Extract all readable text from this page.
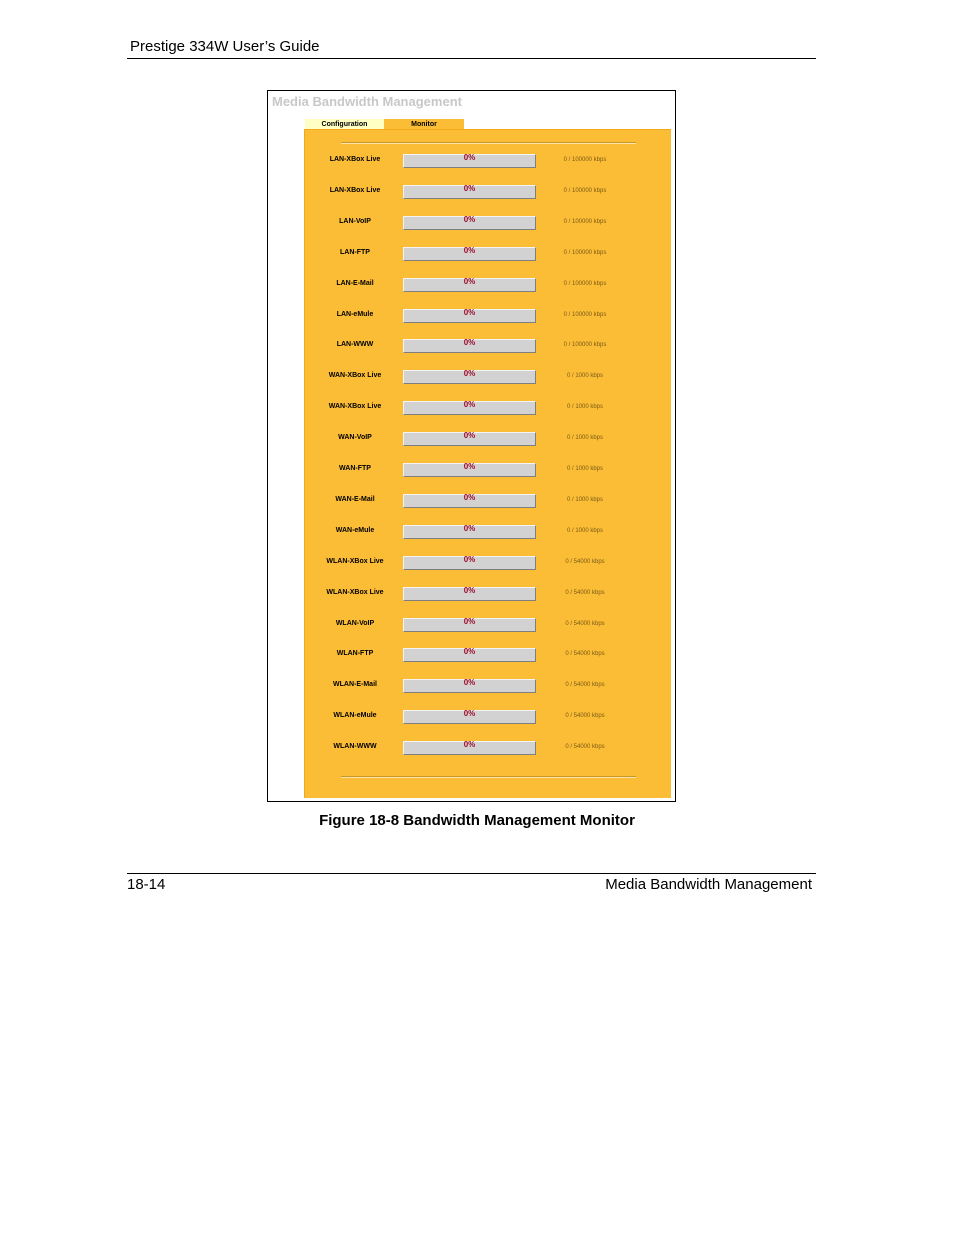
Prestige 334W User’s Guide
Media Bandwidth Management
Configuration	Monitor
LAN-XBox Live	0%	0 / 100000 kbps
LAN-XBox Live	0%	0 / 100000 kbps
LAN-VoIP	0%	0 / 100000 kbps
LAN-FTP	0%	0 / 100000 kbps
LAN-E-Mail	0%	0 / 100000 kbps
LAN-eMule	0%	0 / 100000 kbps
LAN-WWW	0%	0 / 100000 kbps
WAN-XBox Live	0%	0 / 1000 kbps
WAN-XBox Live	0%	0 / 1000 kbps
WAN-VoIP	0%	0 / 1000 kbps
WAN-FTP	0%	0 / 1000 kbps
WAN-E-Mail	0%	0 / 1000 kbps
WAN-eMule	0%	0 / 1000 kbps
WLAN-XBox Live	0%	0 / 54000 kbps
WLAN-XBox Live	0%	0 / 54000 kbps
WLAN-VoIP	0%	0 / 54000 kbps
WLAN-FTP	0%	0 / 54000 kbps
WLAN-E-Mail	0%	0 / 54000 kbps
WLAN-eMule	0%	0 / 54000 kbps
WLAN-WWW	0%	0 / 54000 kbps
Figure 18-8 Bandwidth Management Monitor
18-14	Media Bandwidth Management
